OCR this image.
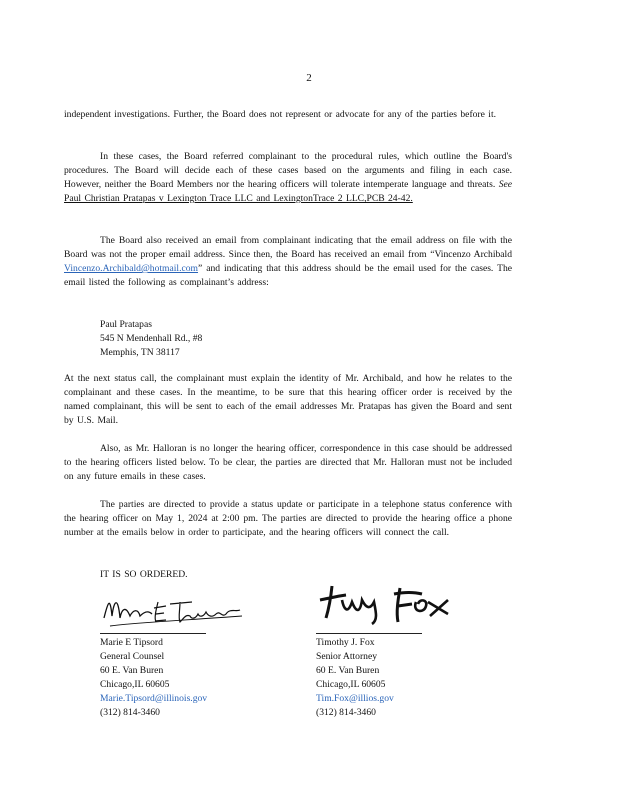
2
independent investigations. Further, the Board does not represent or advocate for any of the parties before it.
In these cases, the Board referred complainant to the procedural rules, which outline the Board's procedures. The Board will decide each of these cases based on the arguments and filing in each case. However, neither the Board Members nor the hearing officers will tolerate intemperate language and threats. See Paul Christian Pratapas v Lexington Trace LLC and LexingtonTrace 2 LLC,PCB 24-42.
The Board also received an email from complainant indicating that the email address on file with the Board was not the proper email address. Since then, the Board has received an email from “Vincenzo Archibald Vincenzo.Archibald@hotmail.com” and indicating that this address should be the email used for the cases. The email listed the following as complainant’s address:
Paul Pratapas
545 N Mendenhall Rd., #8
Memphis, TN 38117
At the next status call, the complainant must explain the identity of Mr. Archibald, and how he relates to the complainant and these cases. In the meantime, to be sure that this hearing officer order is received by the named complainant, this will be sent to each of the email addresses Mr. Pratapas has given the Board and sent by U.S. Mail.
Also, as Mr. Halloran is no longer the hearing officer, correspondence in this case should be addressed to the hearing officers listed below. To be clear, the parties are directed that Mr. Halloran must not be included on any future emails in these cases.
The parties are directed to provide a status update or participate in a telephone status conference with the hearing officer on May 1, 2024 at 2:00 pm. The parties are directed to provide the hearing office a phone number at the emails below in order to participate, and the hearing officers will connect the call.
IT IS SO ORDERED.
Marie E Tipsord
General Counsel
60 E. Van Buren
Chicago,IL 60605
Marie.Tipsord@illinois.gov
(312) 814-3460
Timothy J. Fox
Senior Attorney
60 E. Van Buren
Chicago,IL 60605
Tim.Fox@illios.gov
(312) 814-3460
